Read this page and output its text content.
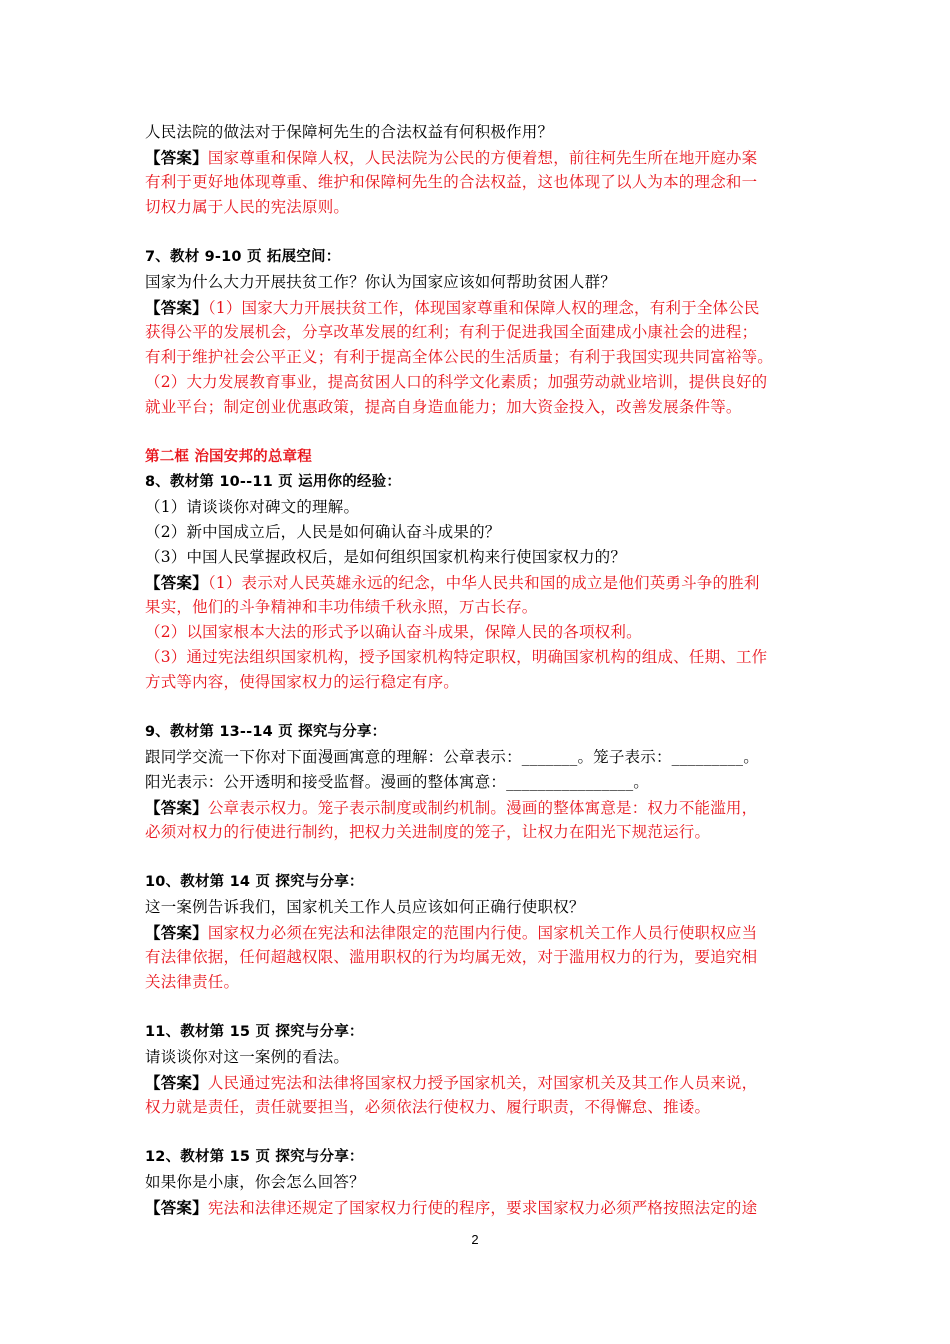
人民法院的做法对于保障柯先生的合法权益有何积极作用？
【答案】国家尊重和保障人权，人民法院为公民的方便着想，前往柯先生所在地开庭办案
有利于更好地体现尊重、维护和保障柯先生的合法权益，这也体现了以人为本的理念和一
切权力属于人民的宪法原则。
7、教材 9-10 页 拓展空间：
国家为什么大力开展扶贫工作？你认为国家应该如何帮助贫困人群？
【答案】（1）国家大力开展扶贫工作，体现国家尊重和保障人权的理念，有利于全体公民
获得公平的发展机会，分享改革发展的红利；有利于促进我国全面建成小康社会的进程；
有利于维护社会公平正义；有利于提高全体公民的生活质量；有利于我国实现共同富裕等。
（2）大力发展教育事业，提高贫困人口的科学文化素质；加强劳动就业培训，提供良好的
就业平台；制定创业优惠政策，提高自身造血能力；加大资金投入，改善发展条件等。
第二框 治国安邦的总章程
8、教材第 10--11 页 运用你的经验：
（1）请谈谈你对碑文的理解。
（2）新中国成立后，人民是如何确认奋斗成果的？
（3）中国人民掌握政权后，是如何组织国家机构来行使国家权力的？
【答案】（1）表示对人民英雄永远的纪念，中华人民共和国的成立是他们英勇斗争的胜利
果实，他们的斗争精神和丰功伟绩千秋永照，万古长存。
（2）以国家根本大法的形式予以确认奋斗成果，保障人民的各项权利。
（3）通过宪法组织国家机构，授予国家机构特定职权，明确国家机构的组成、任期、工作
方式等内容，使得国家权力的运行稳定有序。
9、教材第 13--14 页 探究与分享：
跟同学交流一下你对下面漫画寓意的理解：公章表示：_______。笼子表示：_________。
阳光表示：公开透明和接受监督。漫画的整体寓意：________________。
【答案】公章表示权力。笼子表示制度或制约机制。漫画的整体寓意是：权力不能滥用，
必须对权力的行使进行制约，把权力关进制度的笼子，让权力在阳光下规范运行。
10、教材第 14 页 探究与分享：
这一案例告诉我们，国家机关工作人员应该如何正确行使职权？
【答案】国家权力必须在宪法和法律限定的范围内行使。国家机关工作人员行使职权应当
有法律依据，任何超越权限、滥用职权的行为均属无效，对于滥用权力的行为，要追究相
关法律责任。
11、教材第 15 页 探究与分享：
请谈谈你对这一案例的看法。
【答案】人民通过宪法和法律将国家权力授予国家机关，对国家机关及其工作人员来说，
权力就是责任，责任就要担当，必须依法行使权力、履行职责，不得懈怠、推诿。
12、教材第 15 页 探究与分享：
如果你是小康，你会怎么回答？
【答案】宪法和法律还规定了国家权力行使的程序，要求国家权力必须严格按照法定的途
2
